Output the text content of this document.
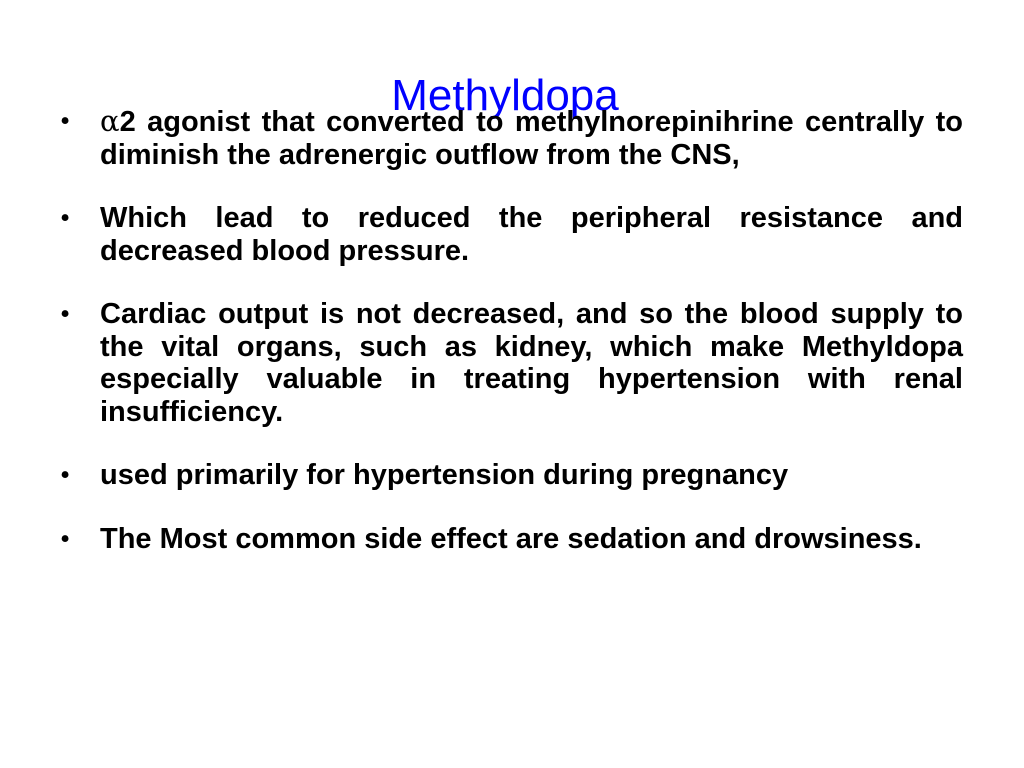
Methyldopa
• α2 agonist that converted to methylnorepinihrine centrally to diminish the adrenergic outflow from the CNS,
• Which lead to reduced the peripheral resistance and decreased blood pressure.
• Cardiac output is not decreased, and so the blood supply to the vital organs, such as kidney, which make Methyldopa especially valuable in treating hypertension with renal insufficiency.
• used primarily for hypertension during pregnancy
• The Most common side effect are sedation and drowsiness.
